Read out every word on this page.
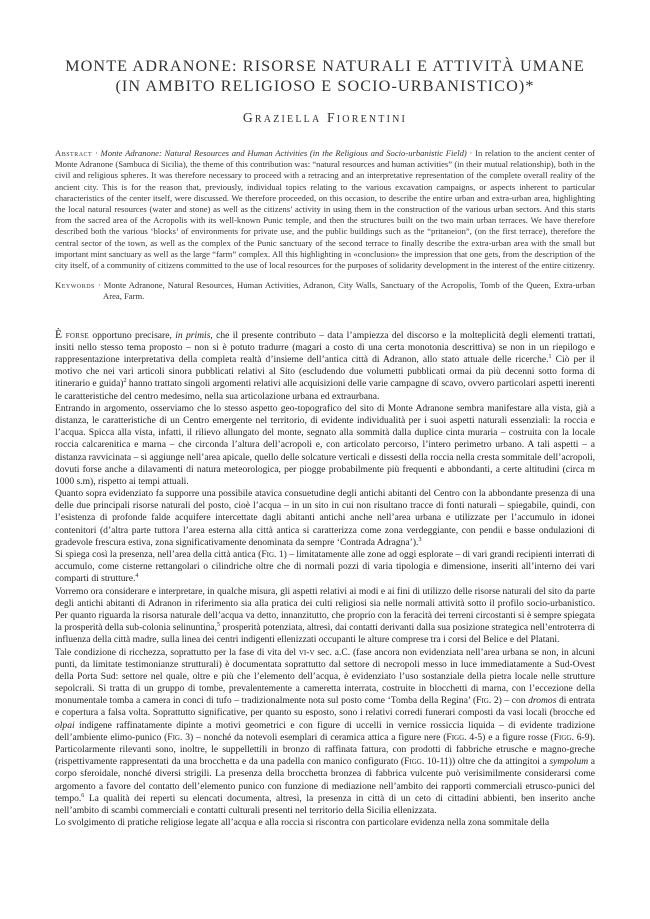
MONTE ADRANONE: RISORSE NATURALI E ATTIVITÀ UMANE
(IN AMBITO RELIGIOSO E SOCIO-URBANISTICO)*
Graziella Fiorentini
Abstract · Monte Adranone: Natural Resources and Human Activities (in the Religious and Socio-urbanistic Field) · In relation to the ancient center of Monte Adranone (Sambuca di Sicilia), the theme of this contribution was: “natural resources and human activities” (in their mutual relationship), both in the civil and religious spheres. It was therefore necessary to proceed with a retracing and an interpretative representation of the complete overall reality of the ancient city. This is for the reason that, previously, individual topics relating to the various excavation campaigns, or aspects inherent to particular characteristics of the center itself, were discussed. We therefore proceeded, on this occasion, to describe the entire urban and extra-urban area, highlighting the local natural resources (water and stone) as well as the citizens’ activity in using them in the construction of the various urban sectors. And this starts from the sacred area of the Acropolis with its well-known Punic temple, and then the structures built on the two main urban terraces. We have therefore described both the various ‘blocks’ of environments for private use, and the public buildings such as the “pritaneion”, (on the first terrace), therefore the central sector of the town, as well as the complex of the Punic sanctuary of the second terrace to finally describe the extra-urban area with the small but important mint sanctuary as well as the large “farm” complex. All this highlighting in «conclusion» the impression that one gets, from the description of the city itself, of a community of citizens committed to the use of local resources for the purposes of solidarity development in the interest of the entire citizenry.
Keywords · Monte Adranone, Natural Resources, Human Activities, Adranon, City Walls, Sanctuary of the Acropolis, Tomb of the Queen, Extra-urban Area, Farm.

È forse opportuno precisare, in primis, che il presente contributo – data l’ampiezza del discorso e la molteplicità degli elementi trattati, insiti nello stesso tema proposto – non si è potuto tradurre (magari a costo di una certa monotonia descrittiva) se non in un riepilogo e rappresentazione interpretativa della completa realtà d’insieme dell’antica città di Adranon, allo stato attuale delle ricerche.$^1$ Ciò per il motivo che nei vari articoli sinora pubblicati relativi al Sito (escludendo due volumetti pubblicati ormai da più decenni sotto forma di itinerario e guida)$^2$ hanno trattato singoli argomenti relativi alle acquisizioni delle varie campagne di scavo, ovvero particolari aspetti inerenti le caratteristiche del centro medesimo, nella sua articolazione urbana ed extraurbana.

Entrando in argomento, osserviamo che lo stesso aspetto geo-topografico del sito di Monte Adranone sembra manifestare alla vista, già a distanza, le caratteristiche di un Centro emergente nel territorio, di evidente individualità per i suoi aspetti naturali essenziali: la roccia e l’acqua. Spicca alla vista, infatti, il rilievo allungato del monte, segnato alla sommità dalla duplice cinta muraria – costruita con la locale roccia calcarenitica e marna – che circonda l’altura dell’acropoli e, con articolato percorso, l’intero perimetro urbano. A tali aspetti – a distanza ravvicinata – si aggiunge nell’area apicale, quello delle solcature verticali e dissesti della roccia nella cresta sommitale dell’acropoli, dovuti forse anche a dilavamenti di natura meteorologica, per piogge probabilmente più frequenti e abbondanti, a certe altitudini (circa m 1000 s.m), rispetto ai tempi attuali.

Quanto sopra evidenziato fa supporre una possibile atavica consuetudine degli antichi abitanti del Centro con la abbondante presenza di una delle due principali risorse naturali del posto, cioè l’acqua – in un sito in cui non risultano tracce di fonti naturali – spiegabile, quindi, con l’esistenza di profonde falde acquifere intercettate dagli abitanti antichi anche nell’area urbana e utilizzate per l’accumulo in idonei contenitori (d’altra parte tuttora l’area esterna alla città antica si caratterizza come zona verdeggiante, con pendii e basse ondulazioni di gradevole frescura estiva, zona significativamente denominata da sempre ‘Contrada Adragna’).$^3$

Si spiega così la presenza, nell’area della città antica (Fig. 1) – limitatamente alle zone ad oggi esplorate – di vari grandi recipienti interrati di accumulo, come cisterne rettangolari o cilindriche oltre che di normali pozzi di varia tipologia e dimensione, inseriti all’interno dei vari comparti di strutture.$^4$

Vorremo ora considerare e interpretare, in qualche misura, gli aspetti relativi ai modi e ai fini di utilizzo delle risorse naturali del sito da parte degli antichi abitanti di Adranon in riferimento sia alla pratica dei culti religiosi sia nelle normali attività sotto il profilo socio-urbanistico. Per quanto riguarda la risorsa naturale dell’acqua va detto, innanzitutto, che proprio con la feracità dei terreni circostanti si è sempre spiegata la prosperità della sub-colonia selinuntina,$^5$ prosperità potenziata, altresì, dai contatti derivanti dalla sua posizione strategica nell’entroterra di influenza della città madre, sulla linea dei centri indigenti ellenizzati occupanti le alture comprese tra i corsi del Belice e del Platani.

Tale condizione di ricchezza, soprattutto per la fase di vita del vi-v sec. a.C. (fase ancora non evidenziata nell’area urbana se non, in alcuni punti, da limitate testimonianze strutturali) è documentata soprattutto dal settore di necropoli messo in luce immediatamente a Sud-Ovest della Porta Sud: settore nel quale, oltre e più che l’elemento dell’acqua, è evidenziato l’uso sostanziale della pietra locale nelle strutture sepolcrali. Si tratta di un gruppo di tombe, prevalentemente a cameretta interrata, costruite in blocchetti di marna, con l’eccezione della monumentale tomba a camera in conci di tufo – tradizionalmente nota sul posto come ‘Tomba della Regina’ (Fig. 2) – con dromos di entrata e copertura a falsa volta. Soprattutto significative, per quanto su esposto, sono i relativi corredi funerari composti da vasi locali (brocche ed olpai indigene raffinatamente dipinte a motivi geometrici e con figure di uccelli in vernice rossiccia liquida – di evidente tradizione dell’ambiente elimo-punico (Fig. 3) – nonché da notevoli esemplari di ceramica attica a figure nere (Figg. 4-5) e a figure rosse (Figg. 6-9). Particolarmente rilevanti sono, inoltre, le suppellettili in bronzo di raffinata fattura, con prodotti di fabbriche etrusche e magno-greche (rispettivamente rappresentati da una brocchetta e da una padella con manico configurato (Figg. 10-11)) oltre che da attingitoi a sympolum a corpo sferoidale, nonché diversi strigili. La presenza della brocchetta bronzea di fabbrica vulcente può verisimilmente considerarsi come argomento a favore del contatto dell’elemento punico con funzione di mediazione nell’ambito dei rapporti commerciali etrusco-punici del tempo.$^6$ La qualità dei reperti su elencati documenta, altresì, la presenza in città di un ceto di cittadini abbienti, ben inserito anche nell’ambito di scambi commerciali e contatti culturali presenti nel territorio della Sicilia ellenizzata.

Lo svolgimento di pratiche religiose legate all’acqua e alla roccia si riscontra con particolare evidenza nella zona sommitale della
